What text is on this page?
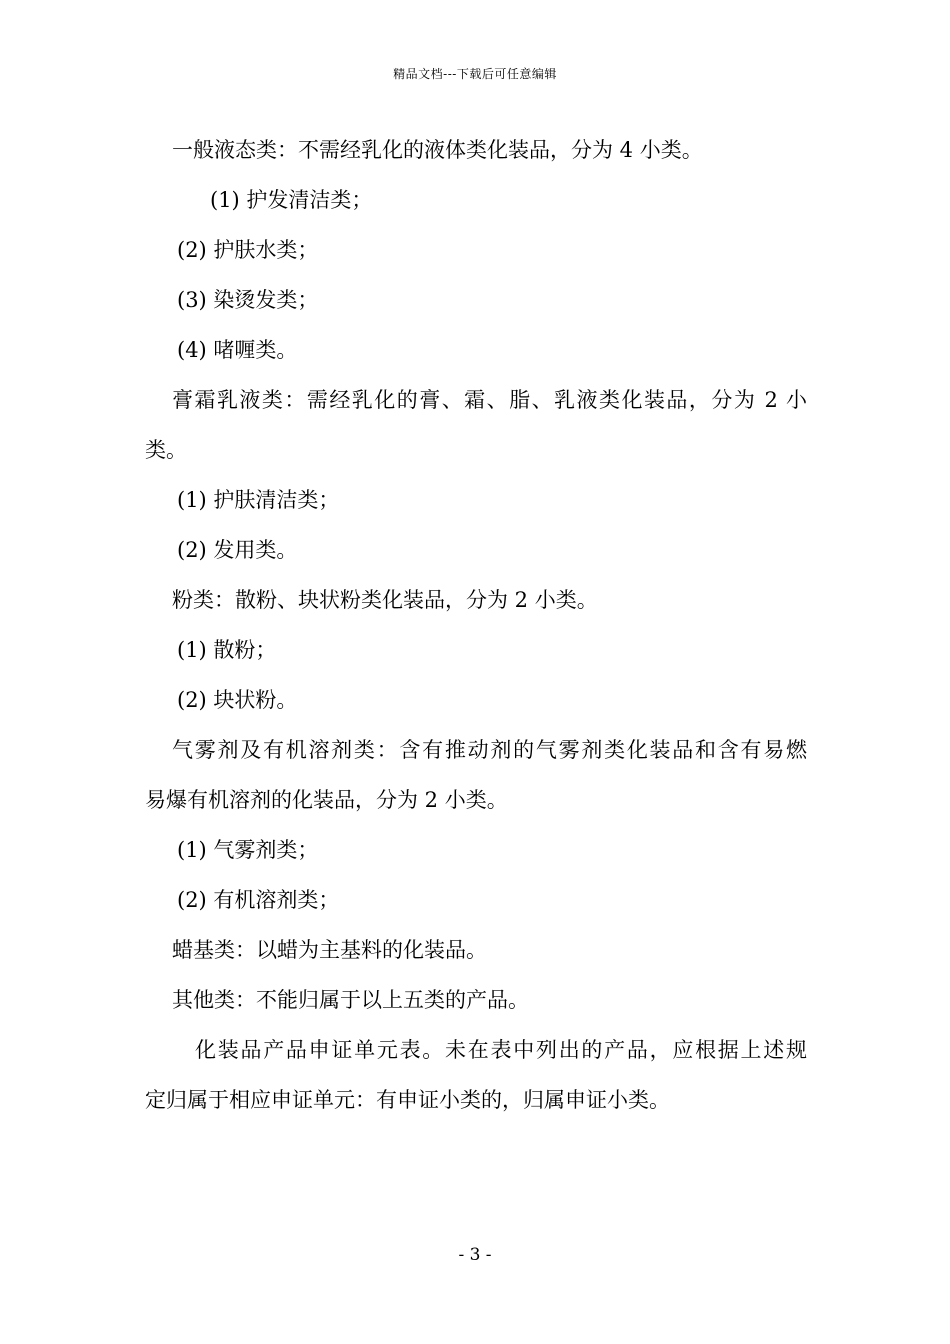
精品文档---下载后可任意编辑
一般液态类：不需经乳化的液体类化装品，分为 4 小类。
(1) 护发清洁类；
(2) 护肤水类；
(3) 染烫发类；
(4) 啫喱类。
膏霜乳液类：需经乳化的膏、霜、脂、乳液类化装品，分为 2 小
类。
(1) 护肤清洁类；
(2) 发用类。
粉类：散粉、块状粉类化装品，分为 2 小类。
(1) 散粉；
(2) 块状粉。
气雾剂及有机溶剂类：含有推动剂的气雾剂类化装品和含有易燃
易爆有机溶剂的化装品，分为 2 小类。
(1) 气雾剂类；
(2) 有机溶剂类；
蜡基类：以蜡为主基料的化装品。
其他类：不能归属于以上五类的产品。
化装品产品申证单元表。未在表中列出的产品，应根据上述规
定归属于相应申证单元：有申证小类的，归属申证小类。
- 3 -
